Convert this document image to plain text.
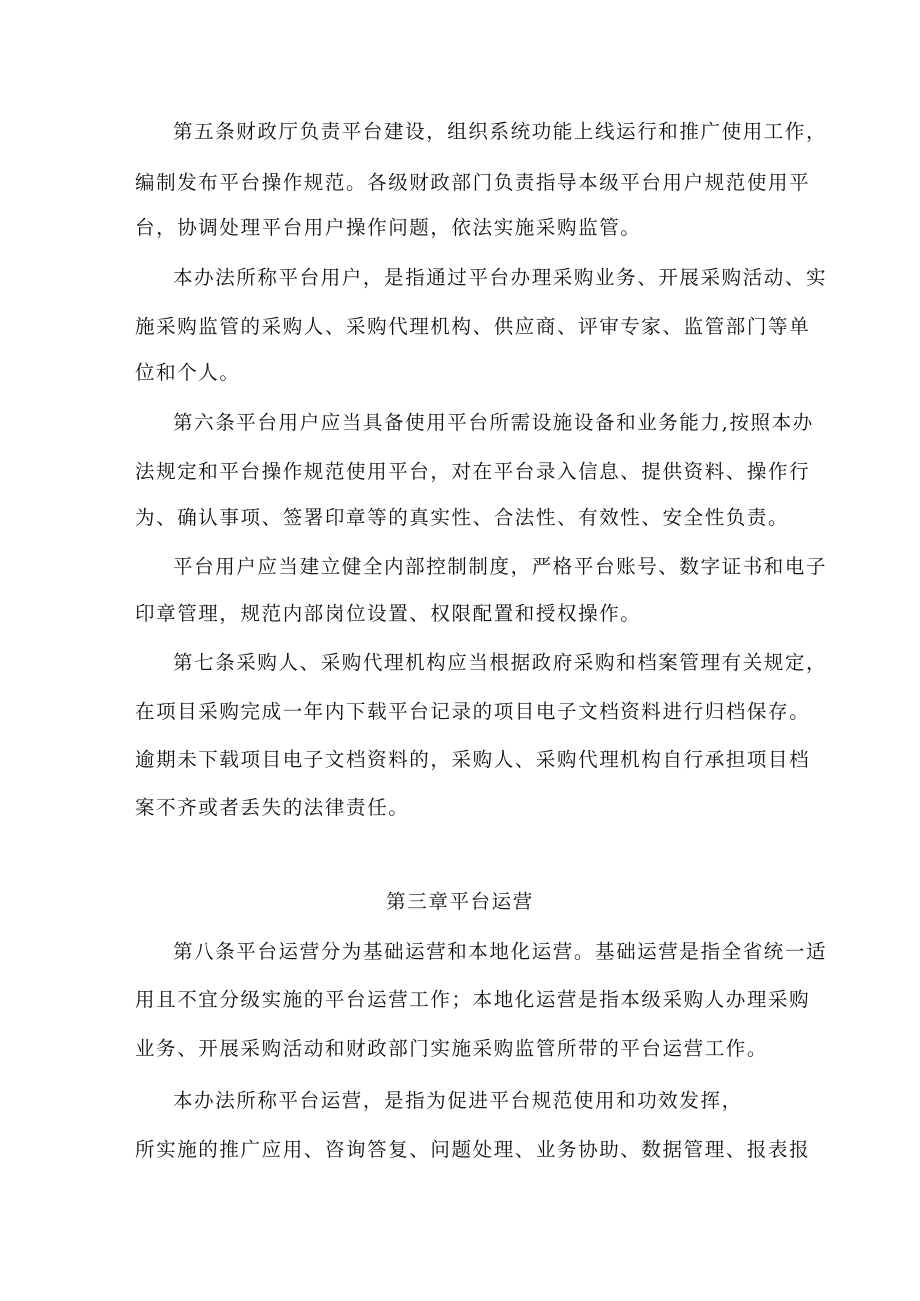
第五条财政厅负责平台建设，组织系统功能上线运行和推广使用工作，
编制发布平台操作规范。各级财政部门负责指导本级平台用户规范使用平
台，协调处理平台用户操作问题，依法实施采购监管。
本办法所称平台用户，是指通过平台办理采购业务、开展采购活动、实
施采购监管的采购人、采购代理机构、供应商、评审专家、监管部门等单
位和个人。
第六条平台用户应当具备使用平台所需设施设备和业务能力,按照本办
法规定和平台操作规范使用平台，对在平台录入信息、提供资料、操作行
为、确认事项、签署印章等的真实性、合法性、有效性、安全性负责。
平台用户应当建立健全内部控制制度，严格平台账号、数字证书和电子
印章管理，规范内部岗位设置、权限配置和授权操作。
第七条采购人、采购代理机构应当根据政府采购和档案管理有关规定，
在项目采购完成一年内下载平台记录的项目电子文档资料进行归档保存。
逾期未下载项目电子文档资料的，采购人、采购代理机构自行承担项目档
案不齐或者丢失的法律责任。
第三章平台运营
第八条平台运营分为基础运营和本地化运营。基础运营是指全省统一适
用且不宜分级实施的平台运营工作；本地化运营是指本级采购人办理采购
业务、开展采购活动和财政部门实施采购监管所带的平台运营工作。
本办法所称平台运营，是指为促进平台规范使用和功效发挥，
所实施的推广应用、咨询答复、问题处理、业务协助、数据管理、报表报
